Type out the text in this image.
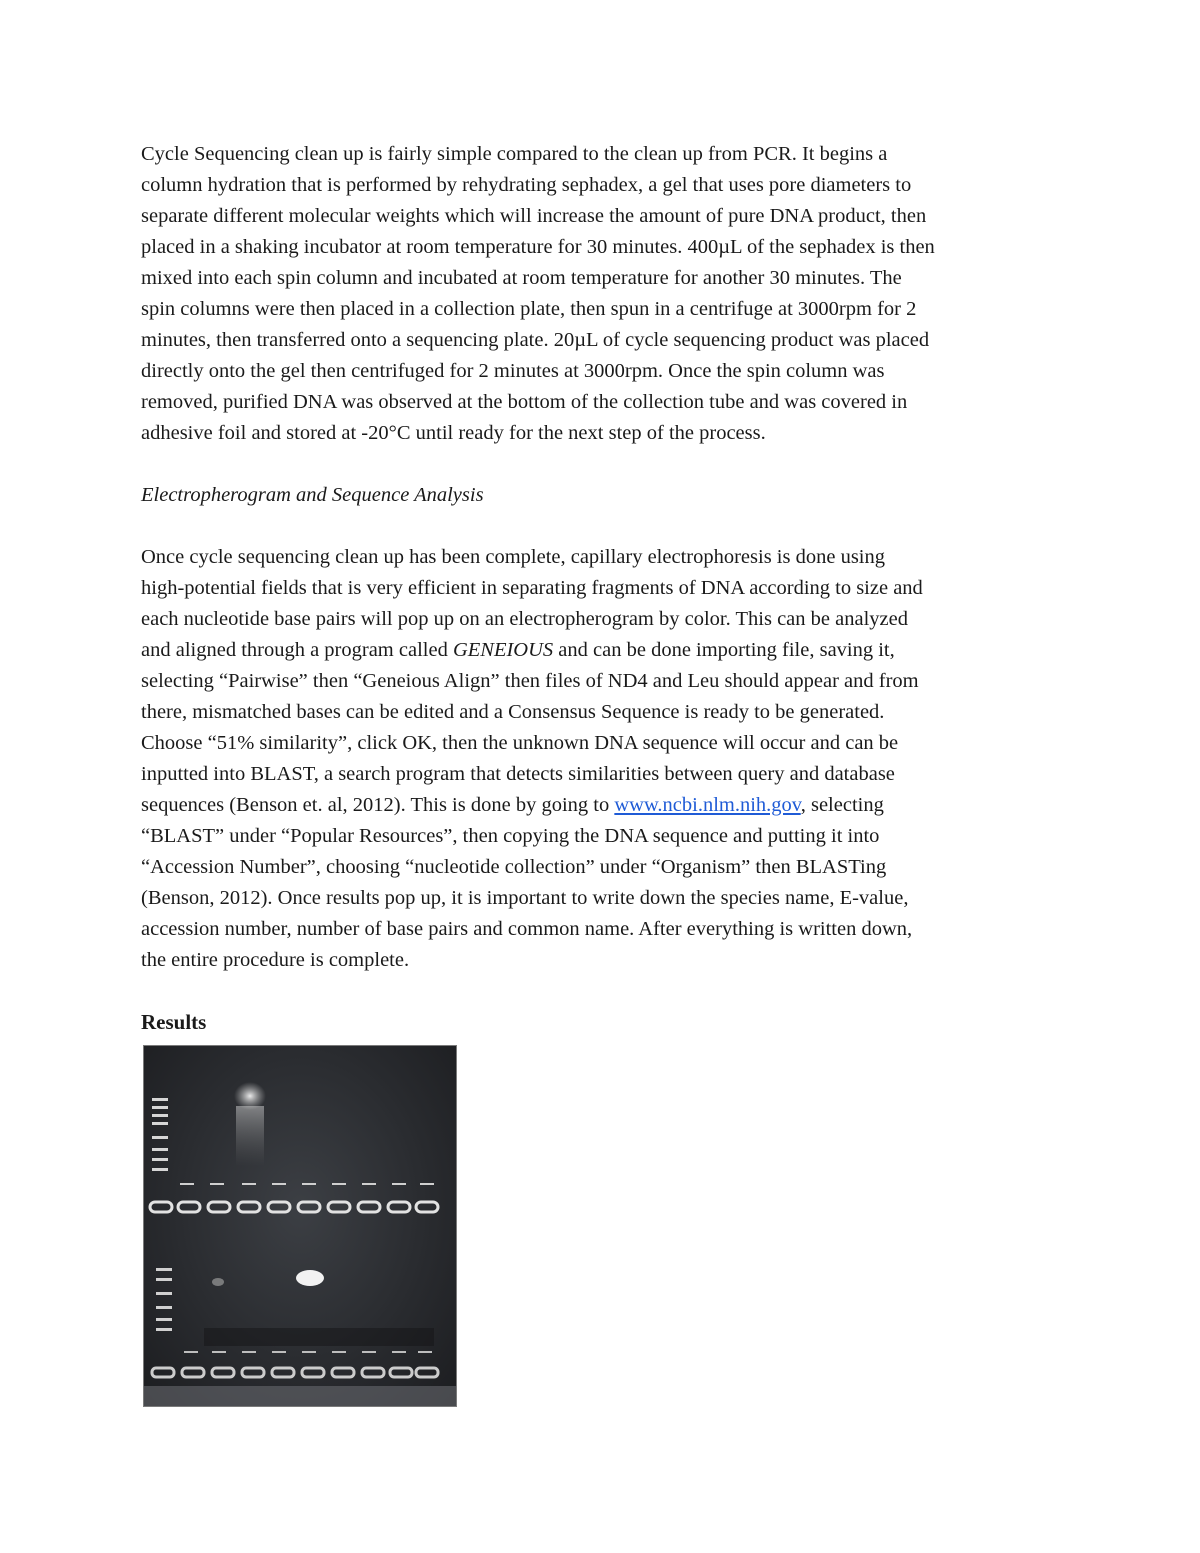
Cycle Sequencing clean up is fairly simple compared to the clean up from PCR. It begins a
column hydration that is performed by rehydrating sephadex, a gel that uses pore diameters to
separate different molecular weights which will increase the amount of pure DNA product, then
placed in a shaking incubator at room temperature for 30 minutes. 400µL of the sephadex is then
mixed into each spin column and incubated at room temperature for another 30 minutes. The
spin columns were then placed in a collection plate, then spun in a centrifuge at 3000rpm for 2
minutes, then transferred onto a sequencing plate. 20µL of cycle sequencing product was placed
directly onto the gel then centrifuged for 2 minutes at 3000rpm. Once the spin column was
removed, purified DNA was observed at the bottom of the collection tube and was covered in
adhesive foil and stored at -20°C until ready for the next step of the process.

Electropherogram and Sequence Analysis

Once cycle sequencing clean up has been complete, capillary electrophoresis is done using
high-potential fields that is very efficient in separating fragments of DNA according to size and
each nucleotide base pairs will pop up on an electropherogram by color. This can be analyzed
and aligned through a program called GENEIOUS and can be done importing file, saving it,
selecting “Pairwise” then “Geneious Align” then files of ND4 and Leu should appear and from
there, mismatched bases can be edited and a Consensus Sequence is ready to be generated.
Choose “51% similarity”, click OK, then the unknown DNA sequence will occur and can be
inputted into BLAST, a search program that detects similarities between query and database
sequences (Benson et. al, 2012). This is done by going to www.ncbi.nlm.nih.gov, selecting
“BLAST” under “Popular Resources”, then copying the DNA sequence and putting it into
“Accession Number”, choosing “nucleotide collection” under “Organism” then BLASTing
(Benson, 2012). Once results pop up, it is important to write down the species name, E-value,
accession number, number of base pairs and common name. After everything is written down,
the entire procedure is complete.

Results
